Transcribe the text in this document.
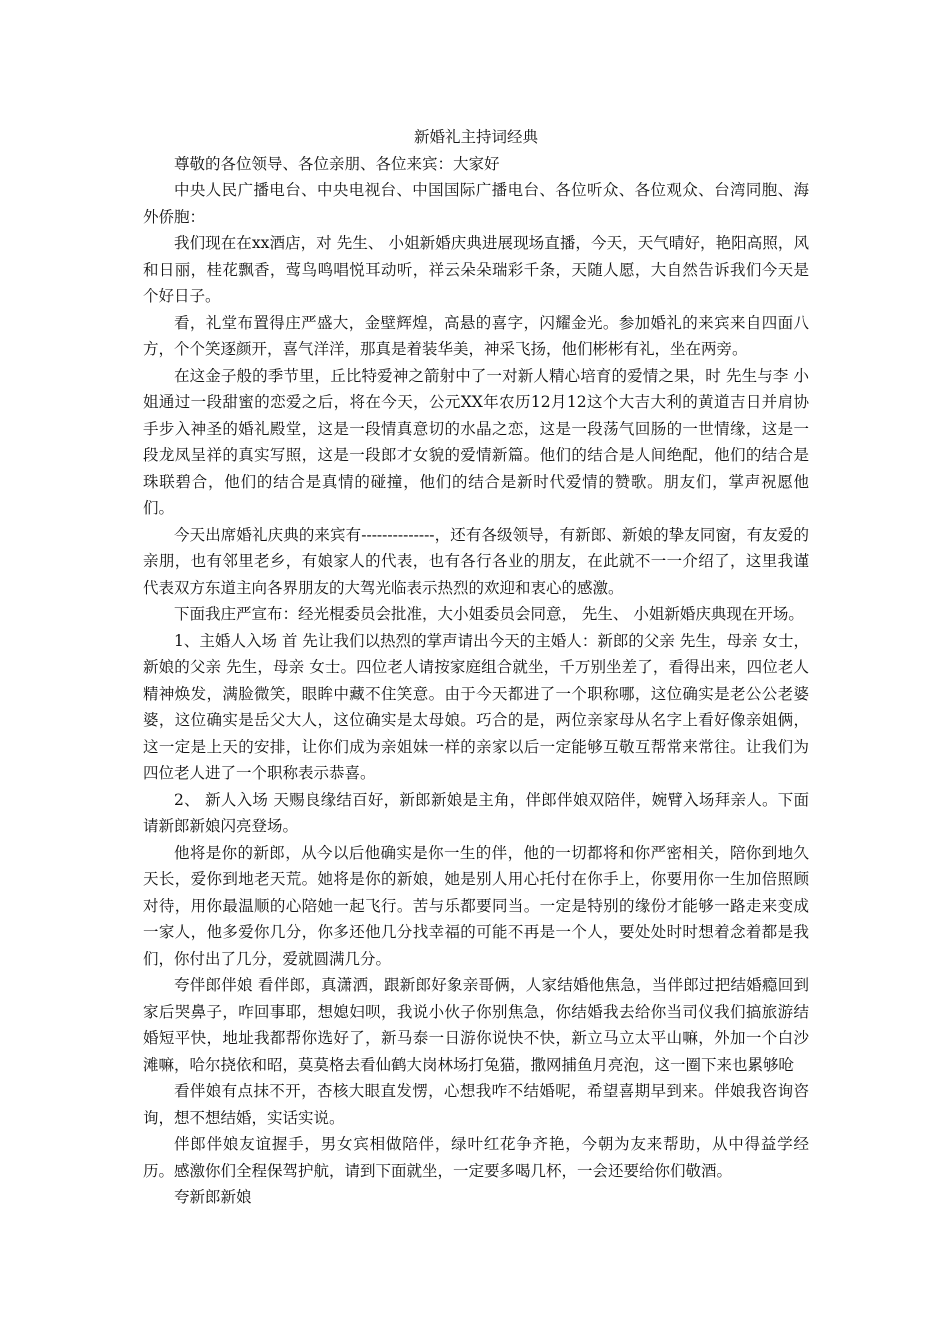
新婚礼主持词经典

尊敬的各位领导、各位亲朋、各位来宾：大家好

中央人民广播电台、中央电视台、中国国际广播电台、各位听众、各位观众、台湾同胞、海外侨胞：

我们现在在xx酒店，对 先生、 小姐新婚庆典进展现场直播，今天，天气晴好，艳阳高照，风和日丽，桂花飘香，莺鸟鸣唱悦耳动听，祥云朵朵瑞彩千条，天随人愿，大自然告诉我们今天是个好日子。

看，礼堂布置得庄严盛大，金壁辉煌，高悬的喜字，闪耀金光。参加婚礼的来宾来自四面八方，个个笑逐颜开，喜气洋洋，那真是着装华美，神采飞扬，他们彬彬有礼，坐在两旁。

在这金子般的季节里，丘比特爱神之箭射中了一对新人精心培育的爱情之果，时 先生与李 小姐通过一段甜蜜的恋爱之后，将在今天，公元XX年农历12月12这个大吉大利的黄道吉日并肩协手步入神圣的婚礼殿堂，这是一段情真意切的水晶之恋，这是一段荡气回肠的一世情缘，这是一段龙凤呈祥的真实写照，这是一段郎才女貌的爱情新篇。他们的结合是人间绝配，他们的结合是珠联碧合，他们的结合是真情的碰撞，他们的结合是新时代爱情的赞歌。朋友们，掌声祝愿他们。

今天出席婚礼庆典的来宾有--------------，还有各级领导，有新郎、新娘的挚友同窗，有友爱的亲朋，也有邻里老乡，有娘家人的代表，也有各行各业的朋友，在此就不一一介绍了，这里我谨代表双方东道主向各界朋友的大驾光临表示热烈的欢迎和衷心的感激。

下面我庄严宣布：经光棍委员会批准，大小姐委员会同意， 先生、 小姐新婚庆典现在开场。

1、主婚人入场 首 先让我们以热烈的掌声请出今天的主婚人：新郎的父亲 先生，母亲 女士，新娘的父亲 先生，母亲 女士。四位老人请按家庭组合就坐，千万别坐差了，看得出来，四位老人精神焕发，满脸微笑，眼眸中藏不住笑意。由于今天都进了一个职称哪，这位确实是老公公老婆婆，这位确实是岳父大人，这位确实是太母娘。巧合的是，两位亲家母从名字上看好像亲姐俩，这一定是上天的安排，让你们成为亲姐妹一样的亲家以后一定能够互敬互帮常来常往。让我们为四位老人进了一个职称表示恭喜。

2、 新人入场 天赐良缘结百好，新郎新娘是主角，伴郎伴娘双陪伴，婉臂入场拜亲人。下面请新郎新娘闪亮登场。

他将是你的新郎，从今以后他确实是你一生的伴，他的一切都将和你严密相关，陪你到地久天长，爱你到地老天荒。她将是你的新娘，她是别人用心托付在你手上，你要用你一生加倍照顾对待，用你最温顺的心陪她一起飞行。苦与乐都要同当。一定是特别的缘份才能够一路走来变成一家人，他多爱你几分，你多还他几分找幸福的可能不再是一个人，要处处时时想着念着都是我们，你付出了几分，爱就圆满几分。

夸伴郎伴娘 看伴郎，真潇洒，跟新郎好象亲哥俩，人家结婚他焦急，当伴郎过把结婚瘾回到家后哭鼻子，咋回事耶，想媳妇呗，我说小伙子你别焦急，你结婚我去给你当司仪我们搞旅游结婚短平快，地址我都帮你选好了，新马泰一日游你说快不快，新立马立太平山嘛，外加一个白沙滩嘛，哈尔挠依和昭，莫莫格去看仙鹤大岗林场打兔猫，撒网捕鱼月亮泡，这一圈下来也累够呛

看伴娘有点抹不开，杏核大眼直发愣，心想我咋不结婚呢，希望喜期早到来。伴娘我咨询咨询，想不想结婚，实话实说。

伴郎伴娘友谊握手，男女宾相做陪伴，绿叶红花争齐艳，今朝为友来帮助，从中得益学经历。感激你们全程保驾护航，请到下面就坐，一定要多喝几杯，一会还要给你们敬酒。

夸新郎新娘
